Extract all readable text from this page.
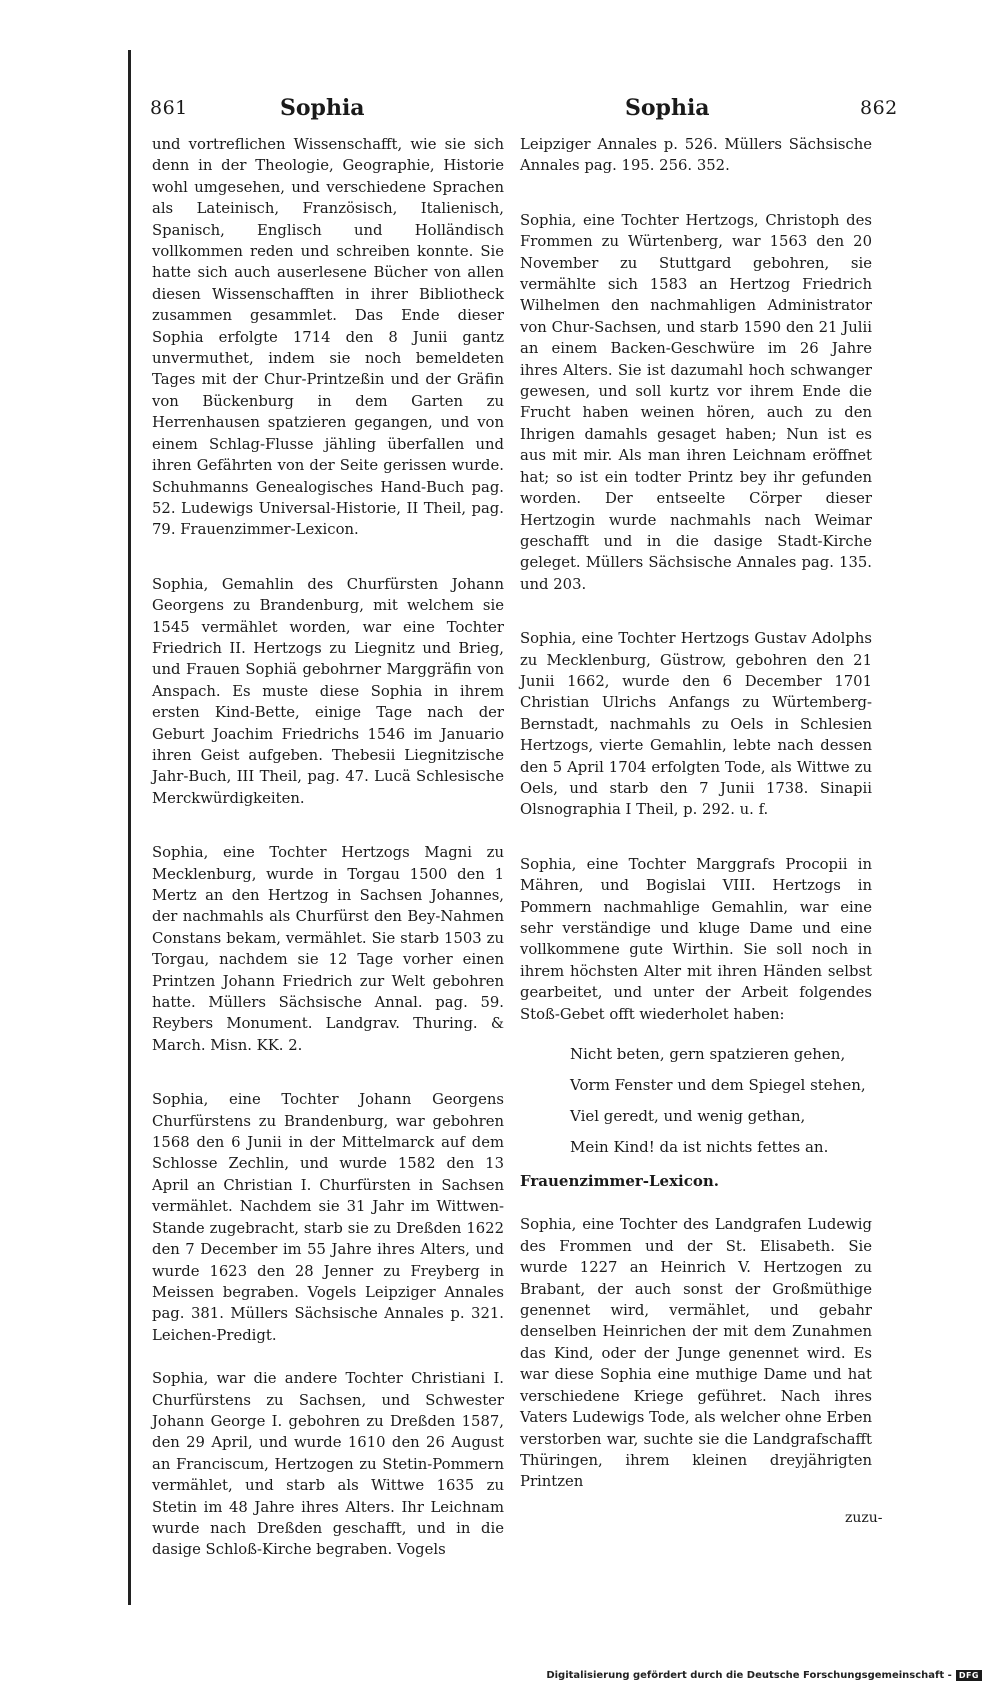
861	Sophia	Sophia	862

und vortreflichen Wissenschafft, wie sie sich denn in der Theologie, Geographie, Historie wohl umgesehen, und verschiedene Sprachen als Lateinisch, Französisch, Italienisch, Spanisch, Englisch und Holländisch vollkommen reden und schreiben konnte. Sie hatte sich auch auserlesene Bücher von allen diesen Wissenschafften in ihrer Bibliotheck zusammen gesammlet. Das Ende dieser Sophia erfolgte 1714 den 8 Junii gantz unvermuthet, indem sie noch bemeldeten Tages mit der Chur-Printzeßin und der Gräfin von Bückenburg in dem Garten zu Herrenhausen spatzieren gegangen, und von einem Schlag-Flusse jähling überfallen und ihren Gefährten von der Seite gerissen wurde. Schuhmanns Genealogisches Hand-Buch pag. 52. Ludewigs Universal-Historie, II Theil, pag. 79. Frauenzimmer-Lexicon.

Sophia, Gemahlin des Churfürsten Johann Georgens zu Brandenburg, mit welchem sie 1545 vermählet worden, war eine Tochter Friedrich II. Hertzogs zu Liegnitz und Brieg, und Frauen Sophiä gebohrner Marggräfin von Anspach. Es muste diese Sophia in ihrem ersten Kind-Bette, einige Tage nach der Geburt Joachim Friedrichs 1546 im Januario ihren Geist aufgeben. Thebesii Liegnitzische Jahr-Buch, III Theil, pag. 47. Lucä Schlesische Merckwürdigkeiten.

Sophia, eine Tochter Hertzogs Magni zu Mecklenburg, wurde in Torgau 1500 den 1 Mertz an den Hertzog in Sachsen Johannes, der nachmahls als Churfürst den Bey-Nahmen Constans bekam, vermählet. Sie starb 1503 zu Torgau, nachdem sie 12 Tage vorher einen Printzen Johann Friedrich zur Welt gebohren hatte. Müllers Sächsische Annal. pag. 59. Reybers Monument. Landgrav. Thuring. & March. Misn. KK. 2.

Sophia, eine Tochter Johann Georgens Churfürstens zu Brandenburg, war gebohren 1568 den 6 Junii in der Mittelmarck auf dem Schlosse Zechlin, und wurde 1582 den 13 April an Christian I. Churfürsten in Sachsen vermählet. Nachdem sie 31 Jahr im Wittwen-Stande zugebracht, starb sie zu Dreßden 1622 den 7 December im 55 Jahre ihres Alters, und wurde 1623 den 28 Jenner zu Freyberg in Meissen begraben. Vogels Leipziger Annales pag. 381. Müllers Sächsische Annales p. 321. Leichen-Predigt.

Sophia, war die andere Tochter Christiani I. Churfürstens zu Sachsen, und Schwester Johann George I. gebohren zu Dreßden 1587, den 29 April, und wurde 1610 den 26 August an Franciscum, Hertzogen zu Stetin-Pommern vermählet, und starb als Wittwe 1635 zu Stetin im 48 Jahre ihres Alters. Ihr Leichnam wurde nach Dreßden geschafft, und in die dasige Schloß-Kirche begraben. Vogels

Leipziger Annales p. 526. Müllers Sächsische Annales pag. 195. 256. 352.

Sophia, eine Tochter Hertzogs, Christoph des Frommen zu Würtenberg, war 1563 den 20 November zu Stuttgard gebohren, sie vermählte sich 1583 an Hertzog Friedrich Wilhelmen den nachmahligen Administrator von Chur-Sachsen, und starb 1590 den 21 Julii an einem Backen-Geschwüre im 26 Jahre ihres Alters. Sie ist dazumahl hoch schwanger gewesen, und soll kurtz vor ihrem Ende die Frucht haben weinen hören, auch zu den Ihrigen damahls gesaget haben; Nun ist es aus mit mir. Als man ihren Leichnam eröffnet hat; so ist ein todter Printz bey ihr gefunden worden. Der entseelte Cörper dieser Hertzogin wurde nachmahls nach Weimar geschafft und in die dasige Stadt-Kirche geleget. Müllers Sächsische Annales pag. 135. und 203.

Sophia, eine Tochter Hertzogs Gustav Adolphs zu Mecklenburg, Güstrow, gebohren den 21 Junii 1662, wurde den 6 December 1701 Christian Ulrichs Anfangs zu Würtemberg-Bernstadt, nachmahls zu Oels in Schlesien Hertzogs, vierte Gemahlin, lebte nach dessen den 5 April 1704 erfolgten Tode, als Wittwe zu Oels, und starb den 7 Junii 1738. Sinapii Olsnographia I Theil, p. 292. u. f.

Sophia, eine Tochter Marggrafs Procopii in Mähren, und Bogislai VIII. Hertzogs in Pommern nachmahlige Gemahlin, war eine sehr verständige und kluge Dame und eine vollkommene gute Wirthin. Sie soll noch in ihrem höchsten Alter mit ihren Händen selbst gearbeitet, und unter der Arbeit folgendes Stoß-Gebet offt wiederholet haben:

Nicht beten, gern spatzieren gehen,

Vorm Fenster und dem Spiegel stehen,

Viel geredt, und wenig gethan,

Mein Kind! da ist nichts fettes an.

Frauenzimmer-Lexicon.

Sophia, eine Tochter des Landgrafen Ludewig des Frommen und der St. Elisabeth. Sie wurde 1227 an Heinrich V. Hertzogen zu Brabant, der auch sonst der Großmüthige genennet wird, vermählet, und gebahr denselben Heinrichen der mit dem Zunahmen das Kind, oder der Junge genennet wird. Es war diese Sophia eine muthige Dame und hat verschiedene Kriege geführet. Nach ihres Vaters Ludewigs Tode, als welcher ohne Erben verstorben war, suchte sie die Landgrafschafft Thüringen, ihrem kleinen dreyjährigten Printzen

zuzu-
Digitalisierung gefördert durch die Deutsche Forschungsgemeinschaft - DFG
